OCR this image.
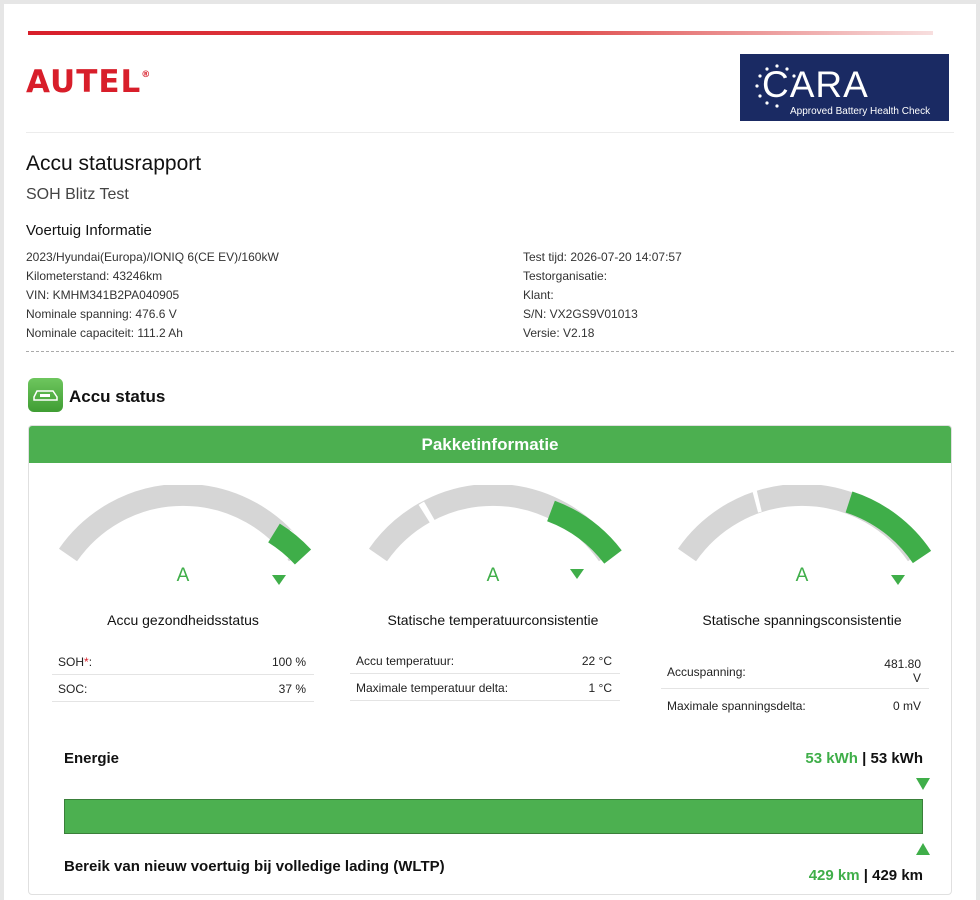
AUTEL®	CARA
Approved Battery Health Check
Accu statusrapport
SOH Blitz Test
Voertuig Informatie
2023/Hyundai(Europa)/IONIQ 6(CE EV)/160kW
Kilometerstand: 43246km
VIN: KMHM341B2PA040905
Nominale spanning: 476.6 V
Nominale capaciteit: 111.2 Ah
Test tijd: 2026-07-20 14:07:57
Testorganisatie:
Klant:
S/N: VX2GS9V01013
Versie: V2.18
Accu status
Pakketinformatie
A
Accu gezondheidsstatus
SOH*:	100 %
SOC:	37 %
A
Statische temperatuurconsistentie
Accu temperatuur:	22 °C
Maximale temperatuur delta:	1 °C
A
Statische spanningsconsistentie
Accuspanning:
481.80
V
Maximale spanningsdelta:	0 mV
Energie	53 kWh | 53 kWh
Bereik van nieuw voertuig bij volledige lading (WLTP)
429 km | 429 km
